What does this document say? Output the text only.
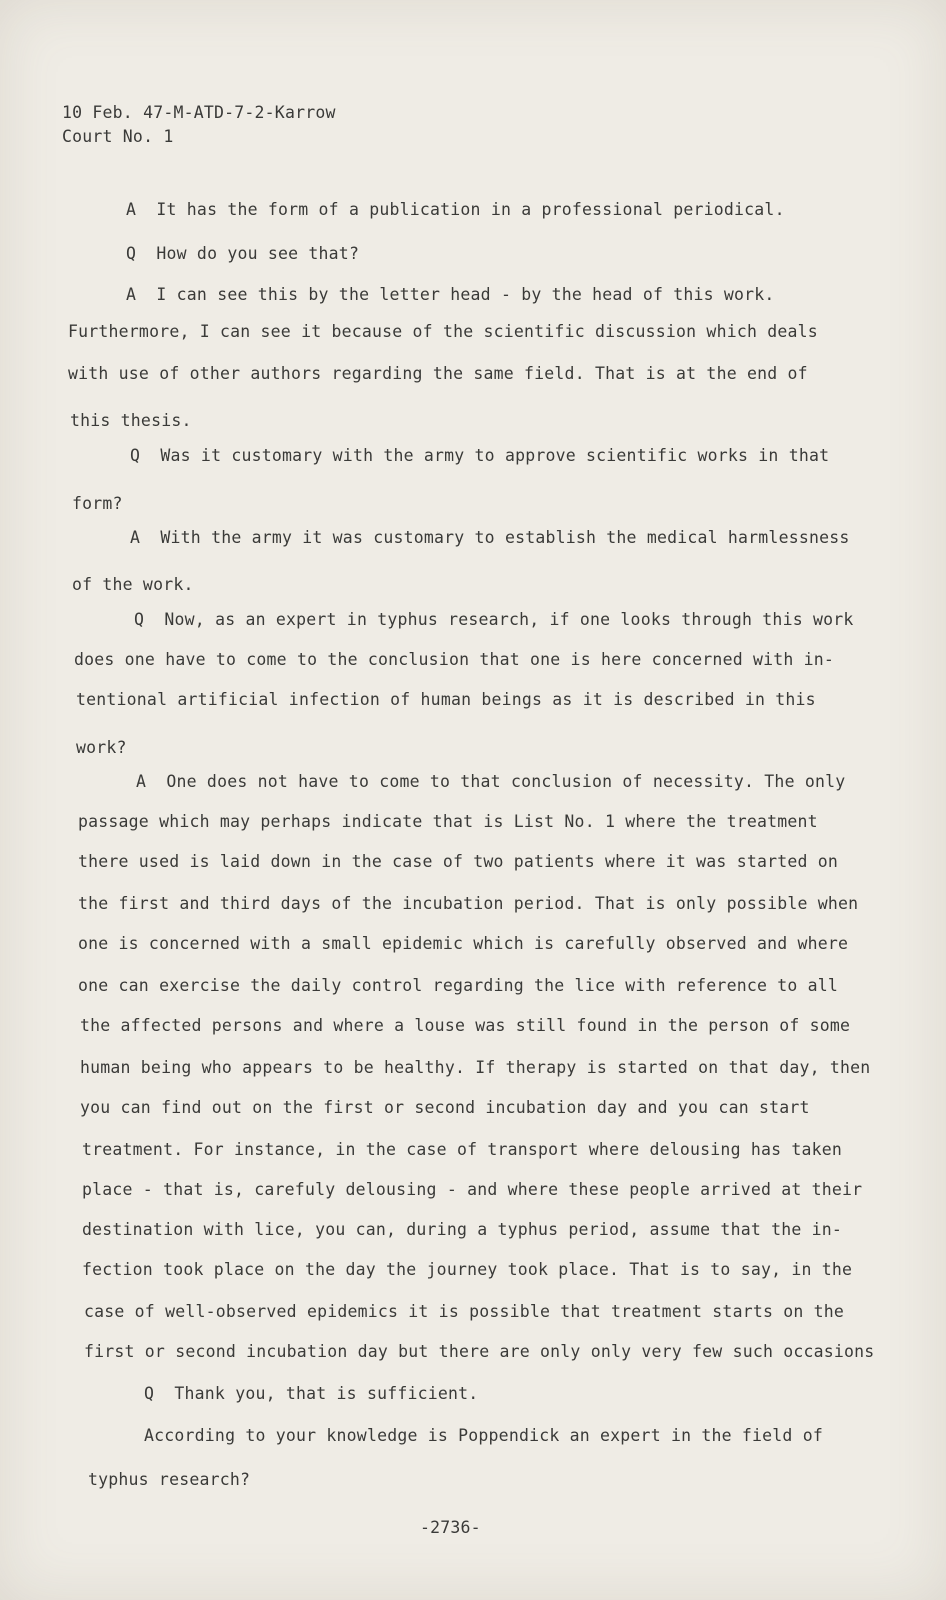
10 Feb. 47-M-ATD-7-2-Karrow
Court No. 1
A  It has the form of a publication in a professional periodical.
Q  How do you see that?
A  I can see this by the letter head - by the head of this work.
Furthermore, I can see it because of the scientific discussion which deals
with use of other authors regarding the same field. That is at the end of
this thesis.
Q  Was it customary with the army to approve scientific works in that
form?
A  With the army it was customary to establish the medical harmlessness
of the work.
Q  Now, as an expert in typhus research, if one looks through this work
does one have to come to the conclusion that one is here concerned with in-
tentional artificial infection of human beings as it is described in this
work?
A  One does not have to come to that conclusion of necessity. The only
passage which may perhaps indicate that is List No. 1 where the treatment
there used is laid down in the case of two patients where it was started on
the first and third days of the incubation period. That is only possible when
one is concerned with a small epidemic which is carefully observed and where
one can exercise the daily control regarding the lice with reference to all
the affected persons and where a louse was still found in the person of some
human being who appears to be healthy. If therapy is started on that day, then
you can find out on the first or second incubation day and you can start
treatment. For instance, in the case of transport where delousing has taken
place - that is, carefuly delousing - and where these people arrived at their
destination with lice, you can, during a typhus period, assume that the in-
fection took place on the day the journey took place. That is to say, in the
case of well-observed epidemics it is possible that treatment starts on the
first or second incubation day but there are only only very few such occasions
Q  Thank you, that is sufficient.
According to your knowledge is Poppendick an expert in the field of
typhus research?
-2736-
